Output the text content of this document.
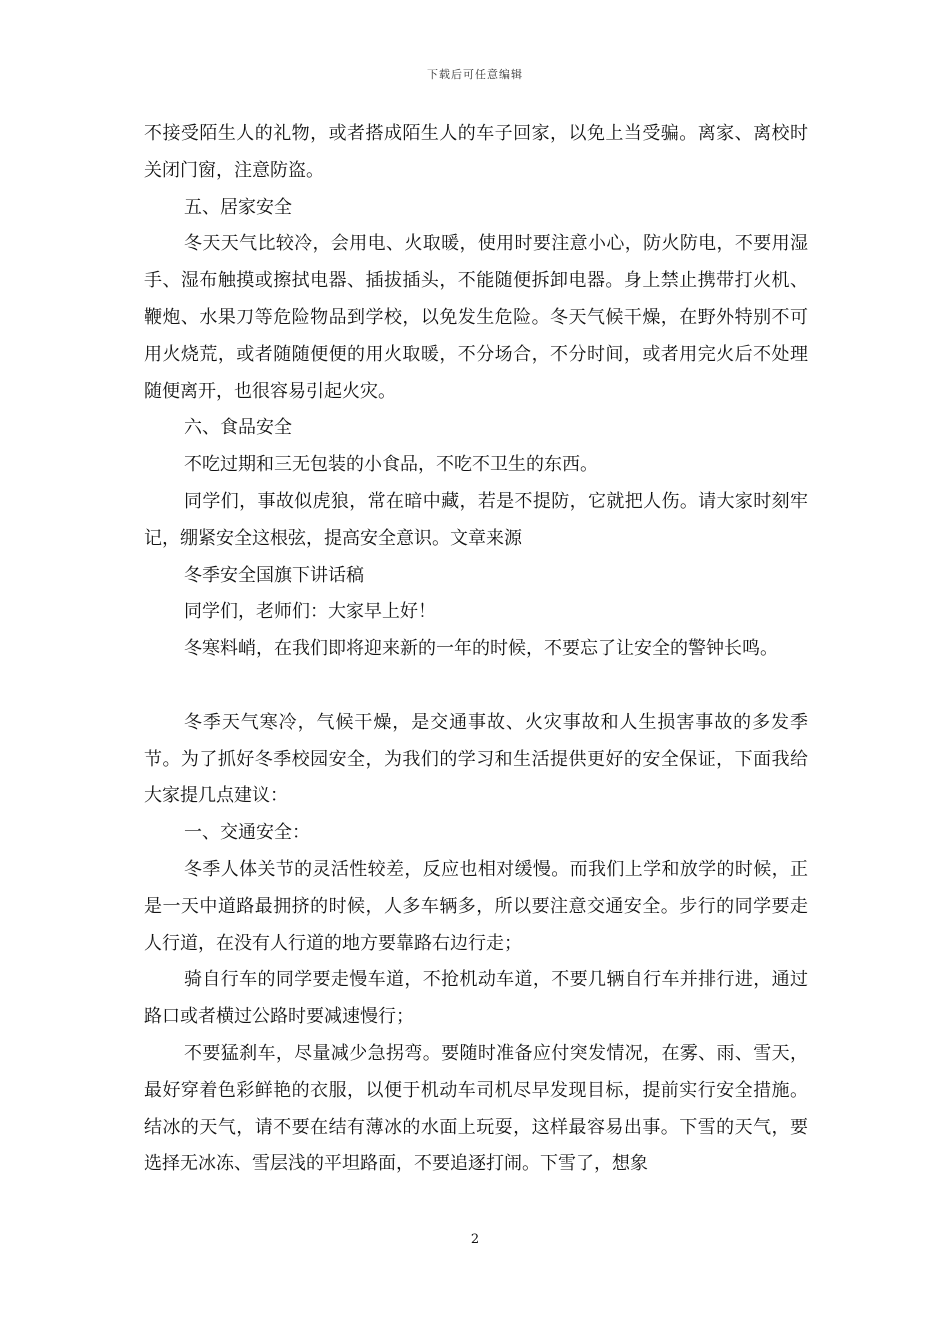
下载后可任意编辑

不接受陌生人的礼物，或者搭成陌生人的车子回家，以免上当受骗。离家、离校时关闭门窗，注意防盗。

五、居家安全

冬天天气比较冷，会用电、火取暖，使用时要注意小心，防火防电，不要用湿手、湿布触摸或擦拭电器、插拔插头，不能随便拆卸电器。身上禁止携带打火机、鞭炮、水果刀等危险物品到学校，以免发生危险。冬天气候干燥，在野外特别不可用火烧荒，或者随随便便的用火取暖，不分场合，不分时间，或者用完火后不处理随便离开，也很容易引起火灾。

六、食品安全

不吃过期和三无包装的小食品，不吃不卫生的东西。

同学们，事故似虎狼，常在暗中藏，若是不提防，它就把人伤。请大家时刻牢记，绷紧安全这根弦，提高安全意识。文章来源

冬季安全国旗下讲话稿

同学们，老师们：大家早上好！

冬寒料峭，在我们即将迎来新的一年的时候，不要忘了让安全的警钟长鸣。

冬季天气寒冷，气候干燥，是交通事故、火灾事故和人生损害事故的多发季节。为了抓好冬季校园安全，为我们的学习和生活提供更好的安全保证，下面我给大家提几点建议：

一、交通安全：

冬季人体关节的灵活性较差，反应也相对缓慢。而我们上学和放学的时候，正是一天中道路最拥挤的时候，人多车辆多，所以要注意交通安全。步行的同学要走人行道，在没有人行道的地方要靠路右边行走；

骑自行车的同学要走慢车道，不抢机动车道，不要几辆自行车并排行进，通过路口或者横过公路时要减速慢行；

不要猛刹车，尽量减少急拐弯。要随时准备应付突发情况，在雾、雨、雪天，最好穿着色彩鲜艳的衣服，以便于机动车司机尽早发现目标，提前实行安全措施。结冰的天气，请不要在结有薄冰的水面上玩耍，这样最容易出事。下雪的天气，要选择无冰冻、雪层浅的平坦路面，不要追逐打闹。下雪了，想象

2
